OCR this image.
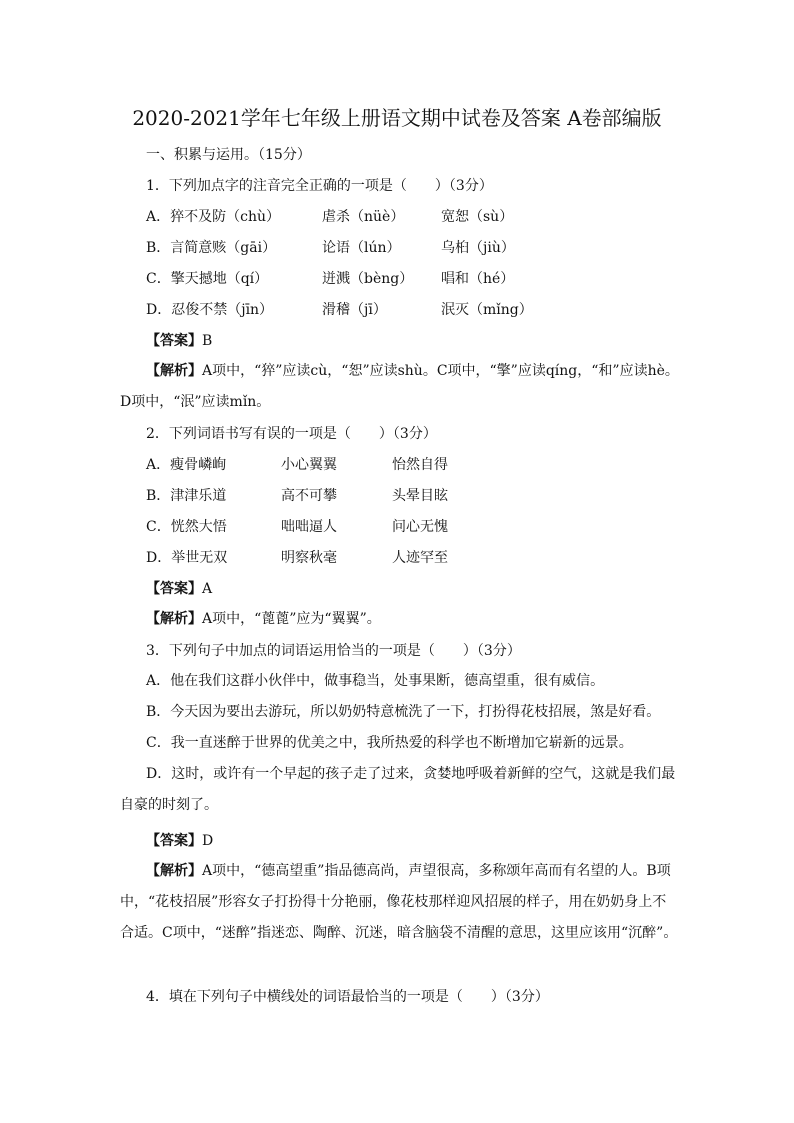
2020-2021学年七年级上册语文期中试卷及答案 A卷部编版
一、积累与运用。（15分）
1．下列加点字的注音完全正确的一项是（　　）（3分）
A．猝不及防（chù）	虐杀（nüè）	宽恕（sù）
B．言简意赅（gāi）	论语（lún）	乌桕（jiù）
C．擎天撼地（qí）	迸溅（bèng） 唱和（hé）
D．忍俊不禁（jīn）	滑稽（jī）	泯灭（mǐng）
【答案】B
【解析】A项中，“猝”应读cù，“恕”应读shù。C项中，“擎”应读qíng，“和”应读hè。D项中，“泯”应读mǐn。
2．下列词语书写有误的一项是（　　）（3分）
A．瘦骨嶙峋	小心翼翼	怡然自得
B．津津乐道	高不可攀	头晕目眩
C．恍然大悟	咄咄逼人	问心无愧
D．举世无双	明察秋毫	人迹罕至
【答案】A
【解析】A项中，“蓖蓖”应为“翼翼”。
3．下列句子中加点的词语运用恰当的一项是（　　）（3分）
A．他在我们这群小伙伴中，做事稳当，处事果断，德高望重，很有威信。
B．今天因为要出去游玩，所以奶奶特意梳洗了一下，打扮得花枝招展，煞是好看。
C．我一直迷醉于世界的优美之中，我所热爱的科学也不断增加它崭新的远景。
D．这时，或许有一个早起的孩子走了过来，贪婪地呼吸着新鲜的空气，这就是我们最自豪的时刻了。
【答案】D
【解析】A项中，“德高望重”指品德高尚，声望很高，多称颂年高而有名望的人。B项中，“花枝招展”形容女子打扮得十分艳丽，像花枝那样迎风招展的样子，用在奶奶身上不合适。C项中，“迷醉”指迷恋、陶醉、沉迷，暗含脑袋不清醒的意思，这里应该用“沉醉”。
4．填在下列句子中横线处的词语最恰当的一项是（　　）（3分）
